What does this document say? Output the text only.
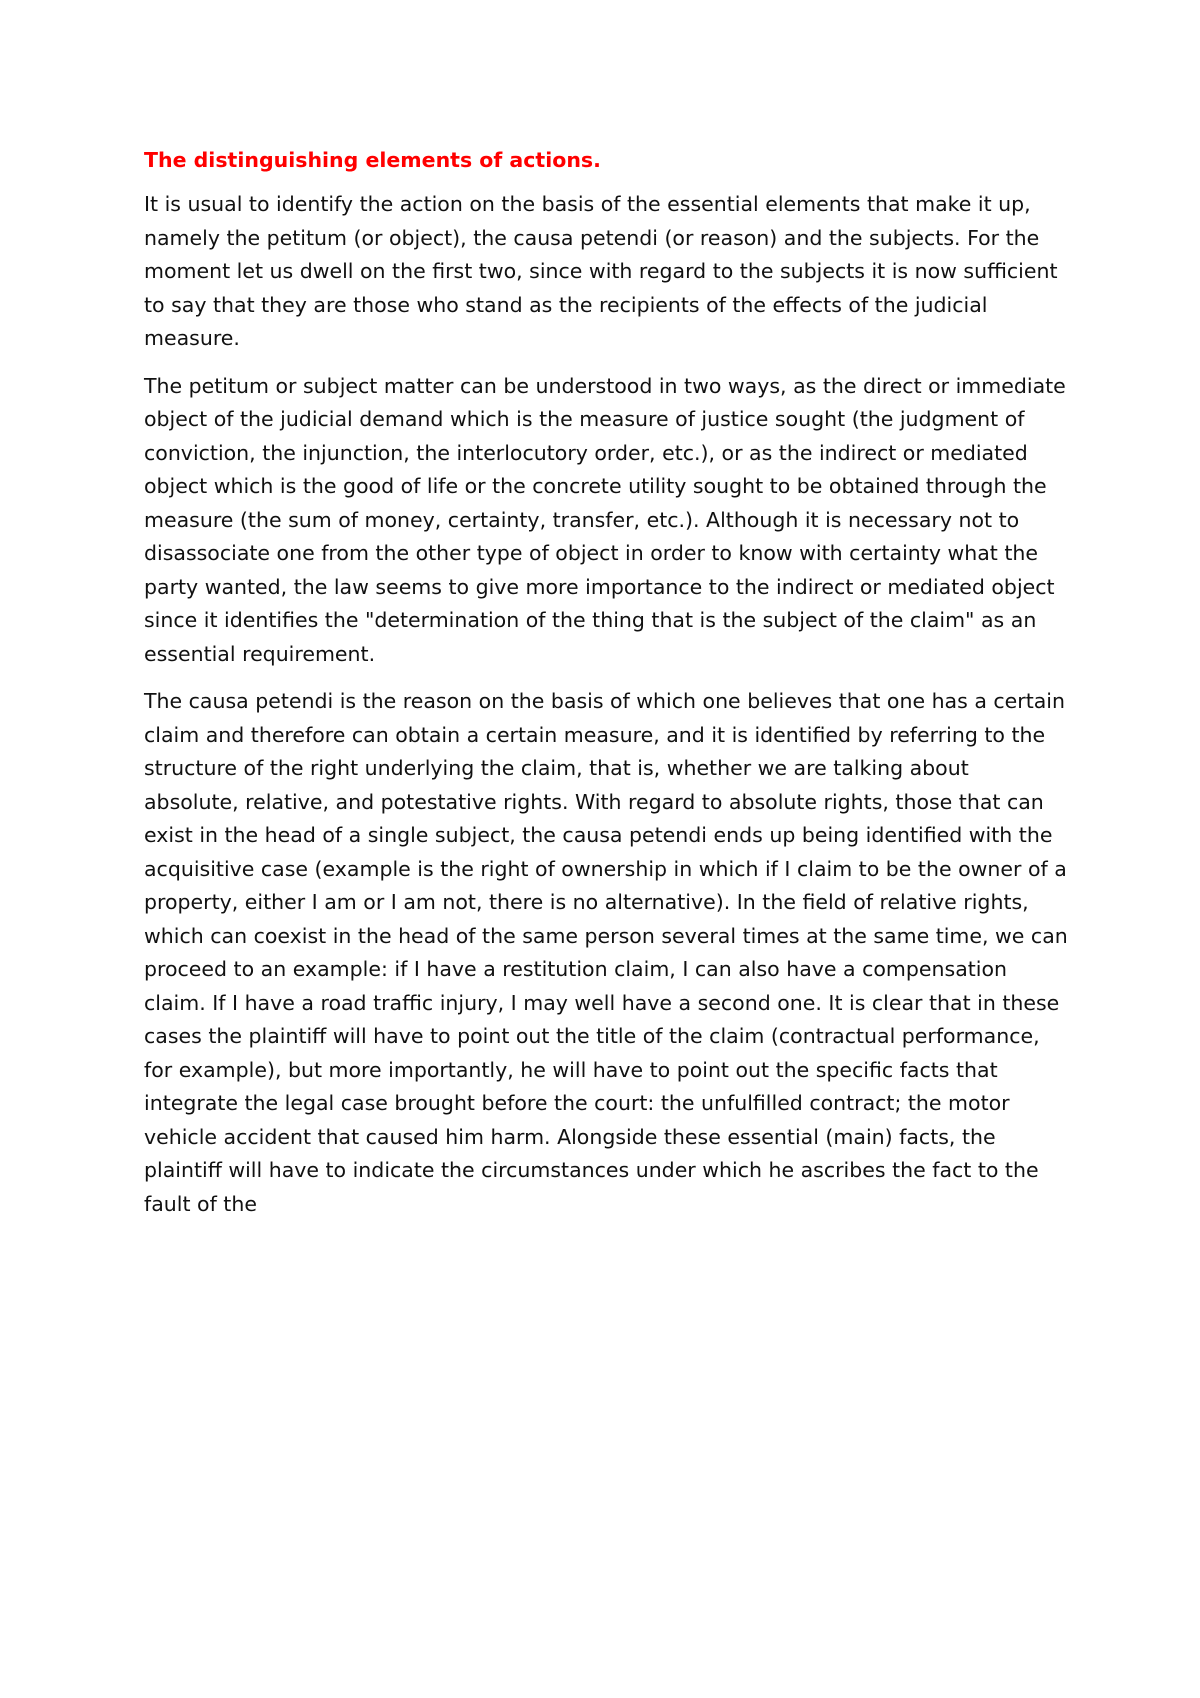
The distinguishing elements of actions.

It is usual to identify the action on the basis of the essential elements that make it up, namely the petitum (or object), the causa petendi (or reason) and the subjects. For the moment let us dwell on the first two, since with regard to the subjects it is now sufficient to say that they are those who stand as the recipients of the effects of the judicial measure.

The petitum or subject matter can be understood in two ways, as the direct or immediate object of the judicial demand which is the measure of justice sought (the judgment of conviction, the injunction, the interlocutory order, etc.), or as the indirect or mediated object which is the good of life or the concrete utility sought to be obtained through the measure (the sum of money, certainty, transfer, etc.). Although it is necessary not to disassociate one from the other type of object in order to know with certainty what the party wanted, the law seems to give more importance to the indirect or mediated object since it identifies the "determination of the thing that is the subject of the claim" as an essential requirement.

The causa petendi is the reason on the basis of which one believes that one has a certain claim and therefore can obtain a certain measure, and it is identified by referring to the structure of the right underlying the claim, that is, whether we are talking about absolute, relative, and potestative rights. With regard to absolute rights, those that can exist in the head of a single subject, the causa petendi ends up being identified with the acquisitive case (example is the right of ownership in which if I claim to be the owner of a property, either I am or I am not, there is no alternative). In the field of relative rights, which can coexist in the head of the same person several times at the same time, we can proceed to an example: if I have a restitution claim, I can also have a compensation claim. If I have a road traffic injury, I may well have a second one. It is clear that in these cases the plaintiff will have to point out the title of the claim (contractual performance, for example), but more importantly, he will have to point out the specific facts that integrate the legal case brought before the court: the unfulfilled contract; the motor vehicle accident that caused him harm. Alongside these essential (main) facts, the plaintiff will have to indicate the circumstances under which he ascribes the fact to the fault of the
